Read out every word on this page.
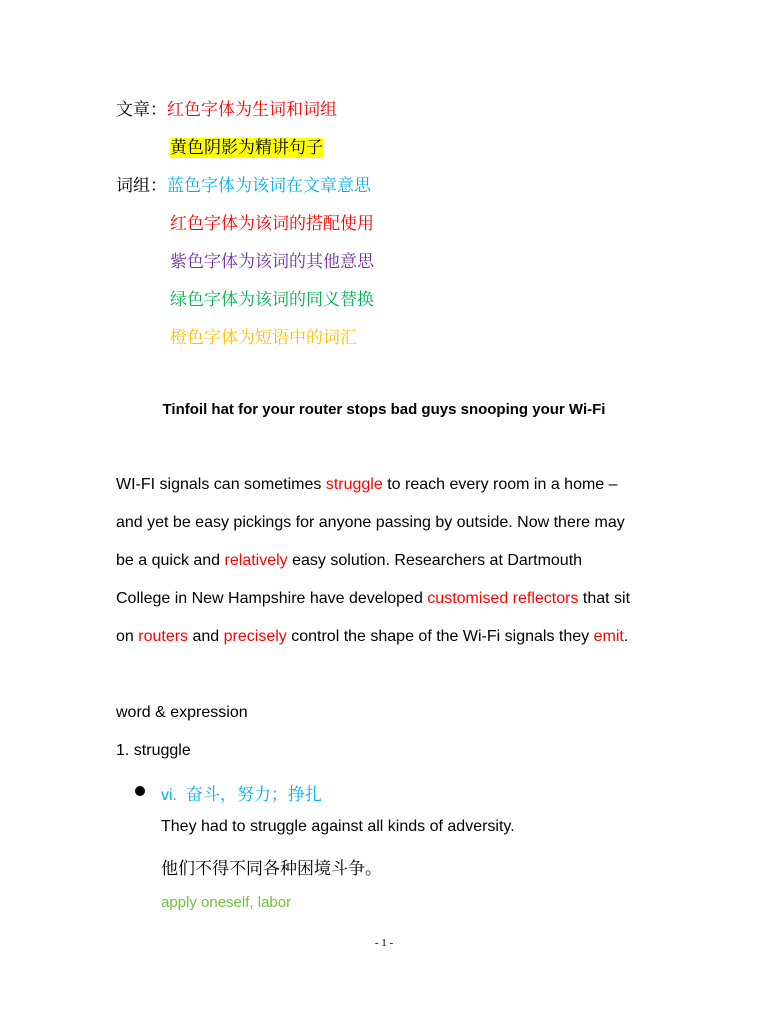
文章：红色字体为生词和词组
黄色阴影为精讲句子
词组：蓝色字体为该词在文章意思
红色字体为该词的搭配使用
紫色字体为该词的其他意思
绿色字体为该词的同义替换
橙色字体为短语中的词汇
Tinfoil hat for your router stops bad guys snooping your Wi-Fi
WI-FI signals can sometimes struggle to reach every room in a home –
and yet be easy pickings for anyone passing by outside. Now there may
be a quick and relatively easy solution. Researchers at Dartmouth
College in New Hampshire have developed customised reflectors that sit
on routers and precisely control the shape of the Wi-Fi signals they emit.
word & expression
1. struggle
vi. 奋斗，努力；挣扎
They had to struggle against all kinds of adversity.
他们不得不同各种困境斗争。
apply oneself, labor
- 1 -
